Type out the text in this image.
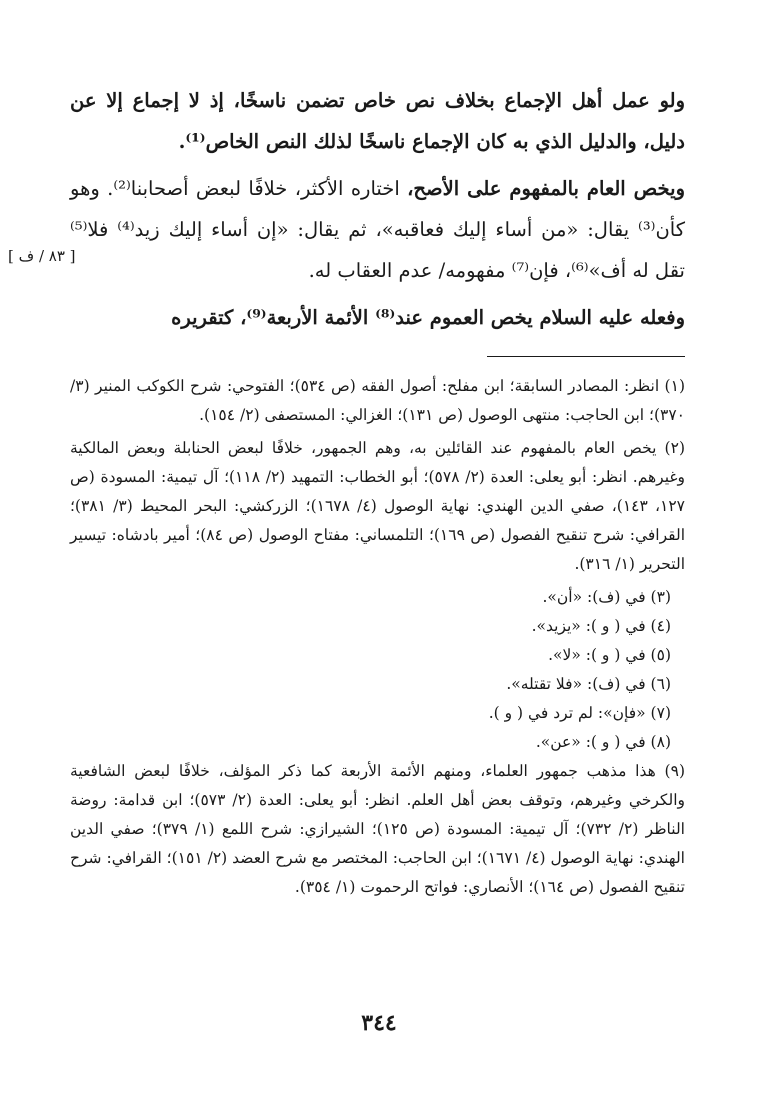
ولو عمل أهل الإجماع بخلاف نص خاص تضمن ناسخًا، إذ لا إجماع إلا عن دليل، والدليل الذي به كان الإجماع ناسخًا لذلك النص الخاص⁽¹⁾.

ويخص العام بالمفهوم على الأصح، اختاره الأكثر، خلافًا لبعض أصحابنا⁽²⁾. وهو كأن⁽³⁾ يقال: «من أساء إليك فعاقبه»، ثم يقال: «إن أساء إليك زيد⁽⁴⁾ فلا⁽⁵⁾ تقل له أف»⁽⁶⁾، فإن⁽⁷⁾ مفهومه/ عدم العقاب له.

وفعله عليه السلام يخص العموم عند⁽⁸⁾ الأئمة الأربعة⁽⁹⁾، كتقريره

[ ٨٣ / ف ]

(١) انظر: المصادر السابقة؛ ابن مفلح: أصول الفقه (ص ٥٣٤)؛ الفتوحي: شرح الكوكب المنير (٣/ ٣٧٠)؛ ابن الحاجب: منتهى الوصول (ص ١٣١)؛ الغزالي: المستصفى (٢/ ١٥٤).

(٢) يخص العام بالمفهوم عند القائلين به، وهم الجمهور، خلافًا لبعض الحنابلة وبعض المالكية وغيرهم. انظر: أبو يعلى: العدة (٢/ ٥٧٨)؛ أبو الخطاب: التمهيد (٢/ ١١٨)؛ آل تيمية: المسودة (ص ١٢٧، ١٤٣)، صفي الدين الهندي: نهاية الوصول (٤/ ١٦٧٨)؛ الزركشي: البحر المحيط (٣/ ٣٨١)؛ القرافي: شرح تنقيح الفصول (ص ١٦٩)؛ التلمساني: مفتاح الوصول (ص ٨٤)؛ أمير بادشاه: تيسير التحرير (١/ ٣١٦).

(٣) في (ف): «أن».

(٤) في ( و ): «يزيد».

(٥) في ( و ): «لا».

(٦) في (ف): «فلا تقتله».

(٧) «فإن»: لم ترد في ( و ).

(٨) في ( و ): «عن».

(٩) هذا مذهب جمهور العلماء، ومنهم الأئمة الأربعة كما ذكر المؤلف، خلافًا لبعض الشافعية والكرخي وغيرهم، وتوقف بعض أهل العلم. انظر: أبو يعلى: العدة (٢/ ٥٧٣)؛ ابن قدامة: روضة الناظر (٢/ ٧٣٢)؛ آل تيمية: المسودة (ص ١٢٥)؛ الشيرازي: شرح اللمع (١/ ٣٧٩)؛ صفي الدين الهندي: نهاية الوصول (٤/ ١٦٧١)؛ ابن الحاجب: المختصر مع شرح العضد (٢/ ١٥١)؛ القرافي: شرح تنقيح الفصول (ص ١٦٤)؛ الأنصاري: فواتح الرحموت (١/ ٣٥٤).

٣٤٤
